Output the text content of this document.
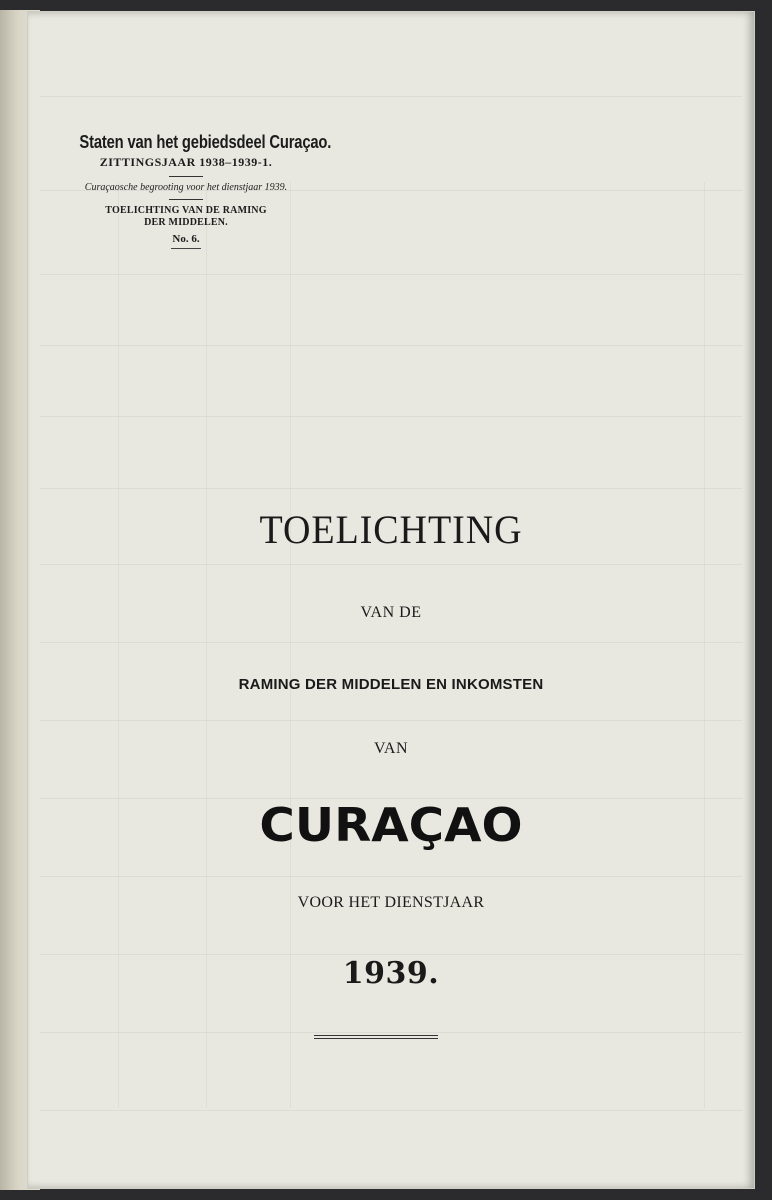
Staten van het gebiedsdeel Curaçao.

ZITTINGSJAAR 1938–1939-1.
Curaçaosche begrooting voor het dienstjaar 1939.
TOELICHTING VAN DE RAMING
DER MIDDELEN.
No. 6.
TOELICHTING
VAN DE
RAMING DER MIDDELEN EN INKOMSTEN
VAN
CURAÇAO
VOOR HET DIENSTJAAR
1939.
